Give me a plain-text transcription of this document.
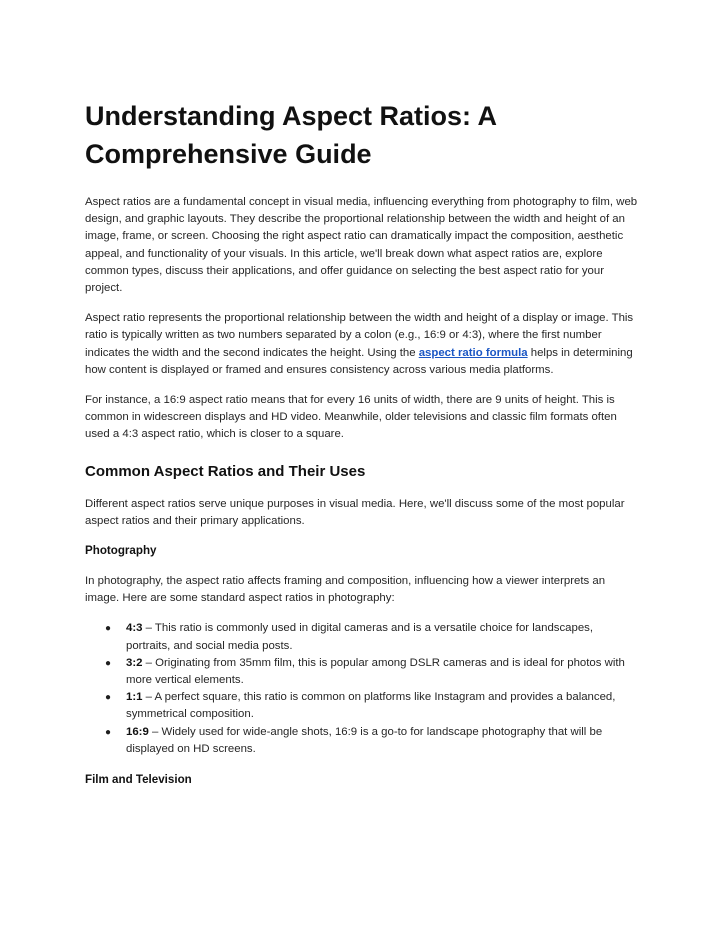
Understanding Aspect Ratios: A Comprehensive Guide

Aspect ratios are a fundamental concept in visual media, influencing everything from photography to film, web design, and graphic layouts. They describe the proportional relationship between the width and height of an image, frame, or screen. Choosing the right aspect ratio can dramatically impact the composition, aesthetic appeal, and functionality of your visuals. In this article, we'll break down what aspect ratios are, explore common types, discuss their applications, and offer guidance on selecting the best aspect ratio for your project.

Aspect ratio represents the proportional relationship between the width and height of a display or image. This ratio is typically written as two numbers separated by a colon (e.g., 16:9 or 4:3), where the first number indicates the width and the second indicates the height. Using the aspect ratio formula helps in determining how content is displayed or framed and ensures consistency across various media platforms.

For instance, a 16:9 aspect ratio means that for every 16 units of width, there are 9 units of height. This is common in widescreen displays and HD video. Meanwhile, older televisions and classic film formats often used a 4:3 aspect ratio, which is closer to a square.

Common Aspect Ratios and Their Uses

Different aspect ratios serve unique purposes in visual media. Here, we'll discuss some of the most popular aspect ratios and their primary applications.

Photography

In photography, the aspect ratio affects framing and composition, influencing how a viewer interprets an image. Here are some standard aspect ratios in photography:

● 4:3 – This ratio is commonly used in digital cameras and is a versatile choice for landscapes, portraits, and social media posts.
● 3:2 – Originating from 35mm film, this is popular among DSLR cameras and is ideal for photos with more vertical elements.
● 1:1 – A perfect square, this ratio is common on platforms like Instagram and provides a balanced, symmetrical composition.
● 16:9 – Widely used for wide-angle shots, 16:9 is a go-to for landscape photography that will be displayed on HD screens.
Film and Television
